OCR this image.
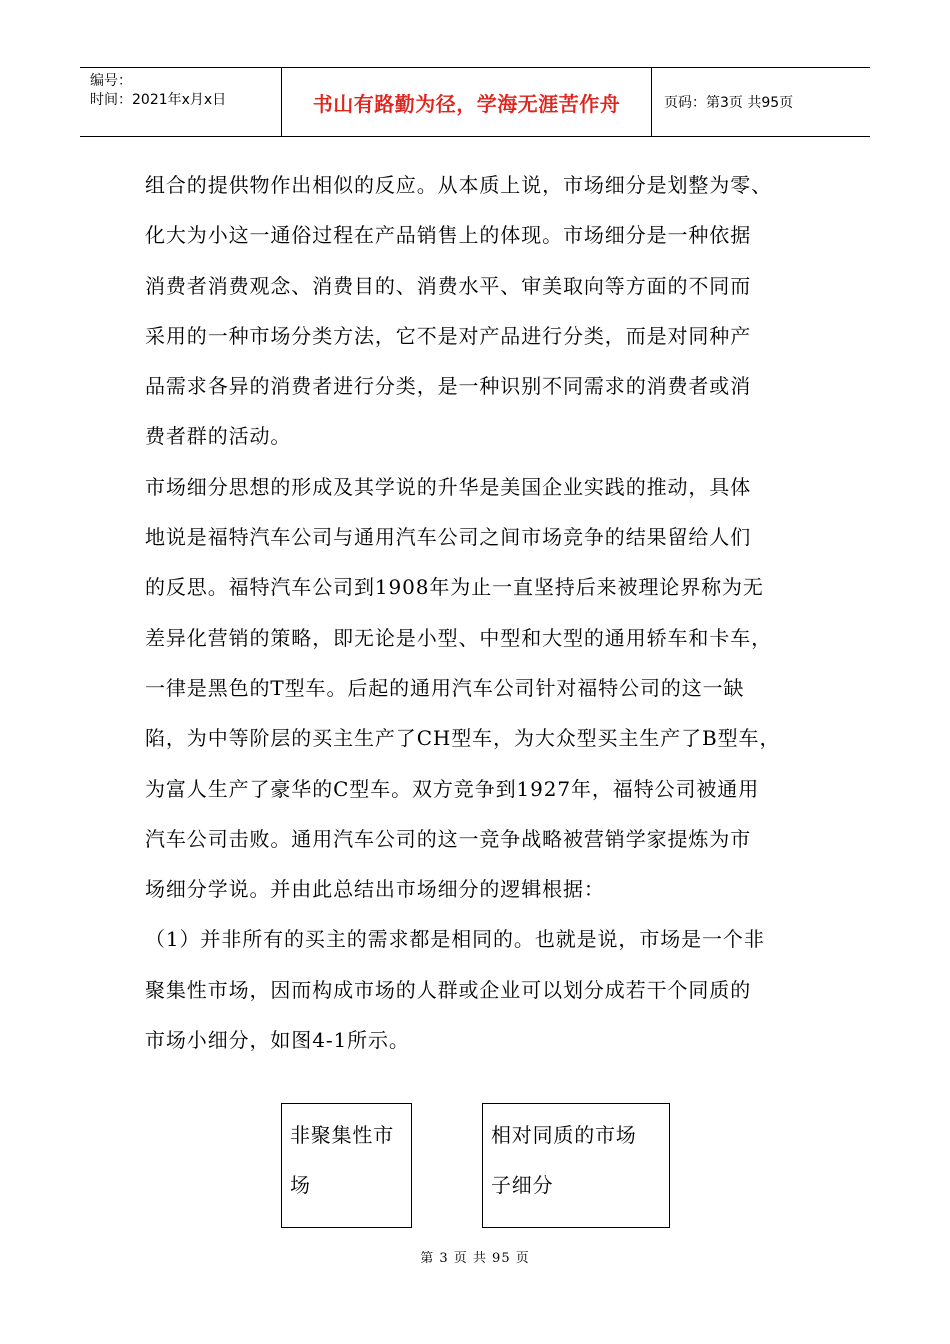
编号：
时间：2021年x月x日	书山有路勤为径，学海无涯苦作舟	页码：第3页 共95页

组合的提供物作出相似的反应。从本质上说，市场细分是划整为零、

化大为小这一通俗过程在产品销售上的体现。市场细分是一种依据

消费者消费观念、消费目的、消费水平、审美取向等方面的不同而

采用的一种市场分类方法，它不是对产品进行分类，而是对同种产

品需求各异的消费者进行分类，是一种识别不同需求的消费者或消

费者群的活动。

市场细分思想的形成及其学说的升华是美国企业实践的推动，具体

地说是福特汽车公司与通用汽车公司之间市场竞争的结果留给人们

的反思。福特汽车公司到1908年为止一直坚持后来被理论界称为无

差异化营销的策略，即无论是小型、中型和大型的通用轿车和卡车，

一律是黑色的T型车。后起的通用汽车公司针对福特公司的这一缺

陷，为中等阶层的买主生产了CH型车，为大众型买主生产了B型车，

为富人生产了豪华的C型车。双方竞争到1927年，福特公司被通用

汽车公司击败。通用汽车公司的这一竞争战略被营销学家提炼为市

场细分学说。并由此总结出市场细分的逻辑根据：

（1）并非所有的买主的需求都是相同的。也就是说，市场是一个非

聚集性市场，因而构成市场的人群或企业可以划分成若干个同质的

市场小细分，如图4-1所示。

非聚集性市
场
相对同质的市场
子细分
第 3 页 共 95 页
